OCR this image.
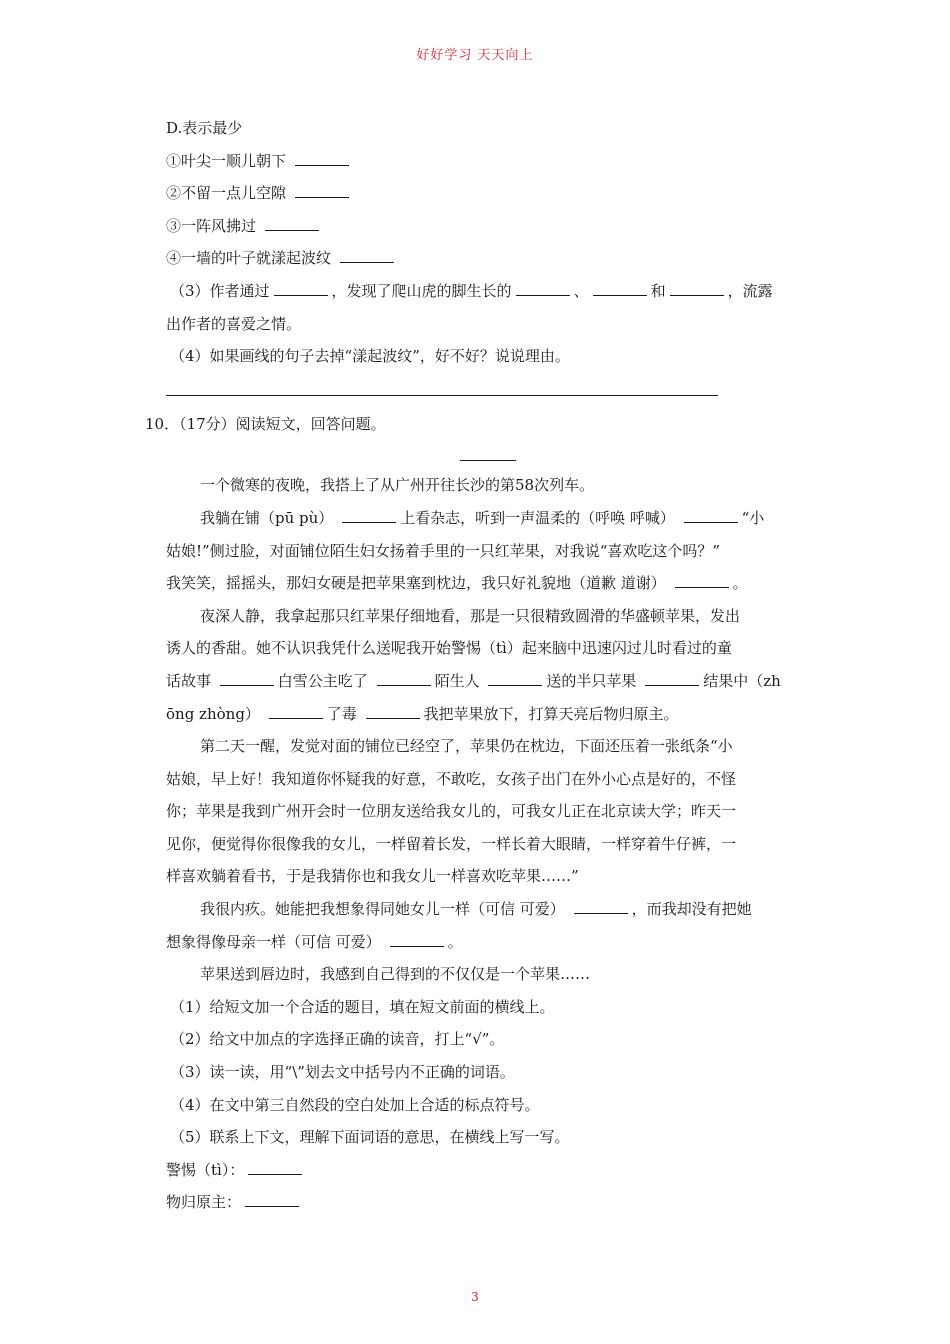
好好学习 天天向上
D.表示最少
①叶尖一顺儿朝下
②不留一点儿空隙
③一阵风拂过
④一墙的叶子就漾起波纹
（3）作者通过	，发现了爬山虎的脚生长的	、	和	，流露
出作者的喜爱之情。
（4）如果画线的句子去掉“漾起波纹”，好不好？说说理由。
10．（17分）阅读短文，回答问题。
一个微寒的夜晚，我搭上了从广州开往长沙的第58次列车。
我躺在铺（pū pù）	上看杂志，听到一声温柔的（呼唤 呼喊）	“小
姑娘!”侧过脸，对面铺位陌生妇女扬着手里的一只红苹果，对我说“喜欢吃这个吗？”
我笑笑，摇摇头，那妇女硬是把苹果塞到枕边，我只好礼貌地（道歉 道谢）	。
夜深人静，我拿起那只红苹果仔细地看，那是一只很精致圆滑的华盛顿苹果，发出
诱人的香甜。她不认识我凭什么送呢我开始警惕（tì）起来脑中迅速闪过儿时看过的童
话故事	白雪公主吃了	陌生人	送的半只苹果	结果中（zh
ōng zhòng）	了毒	我把苹果放下，打算天亮后物归原主。
第二天一醒，发觉对面的铺位已经空了，苹果仍在枕边，下面还压着一张纸条“小
姑娘，早上好！我知道你怀疑我的好意，不敢吃，女孩子出门在外小心点是好的，不怪
你；苹果是我到广州开会时一位朋友送给我女儿的，可我女儿正在北京读大学；昨天一
见你，便觉得你很像我的女儿，一样留着长发，一样长着大眼睛，一样穿着牛仔裤，一
样喜欢躺着看书，于是我猜你也和我女儿一样喜欢吃苹果……”
我很内疚。她能把我想象得同她女儿一样（可信 可爱）	，而我却没有把她
想象得像母亲一样（可信 可爱）	。
苹果送到唇边时，我感到自己得到的不仅仅是一个苹果……
（1）给短文加一个合适的题目，填在短文前面的横线上。
（2）给文中加点的字选择正确的读音，打上“√”。
（3）读一读，用“\”划去文中括号内不正确的词语。
（4）在文中第三自然段的空白处加上合适的标点符号。
（5）联系上下文，理解下面词语的意思，在横线上写一写。
警惕（tì）：
物归原主：
3
